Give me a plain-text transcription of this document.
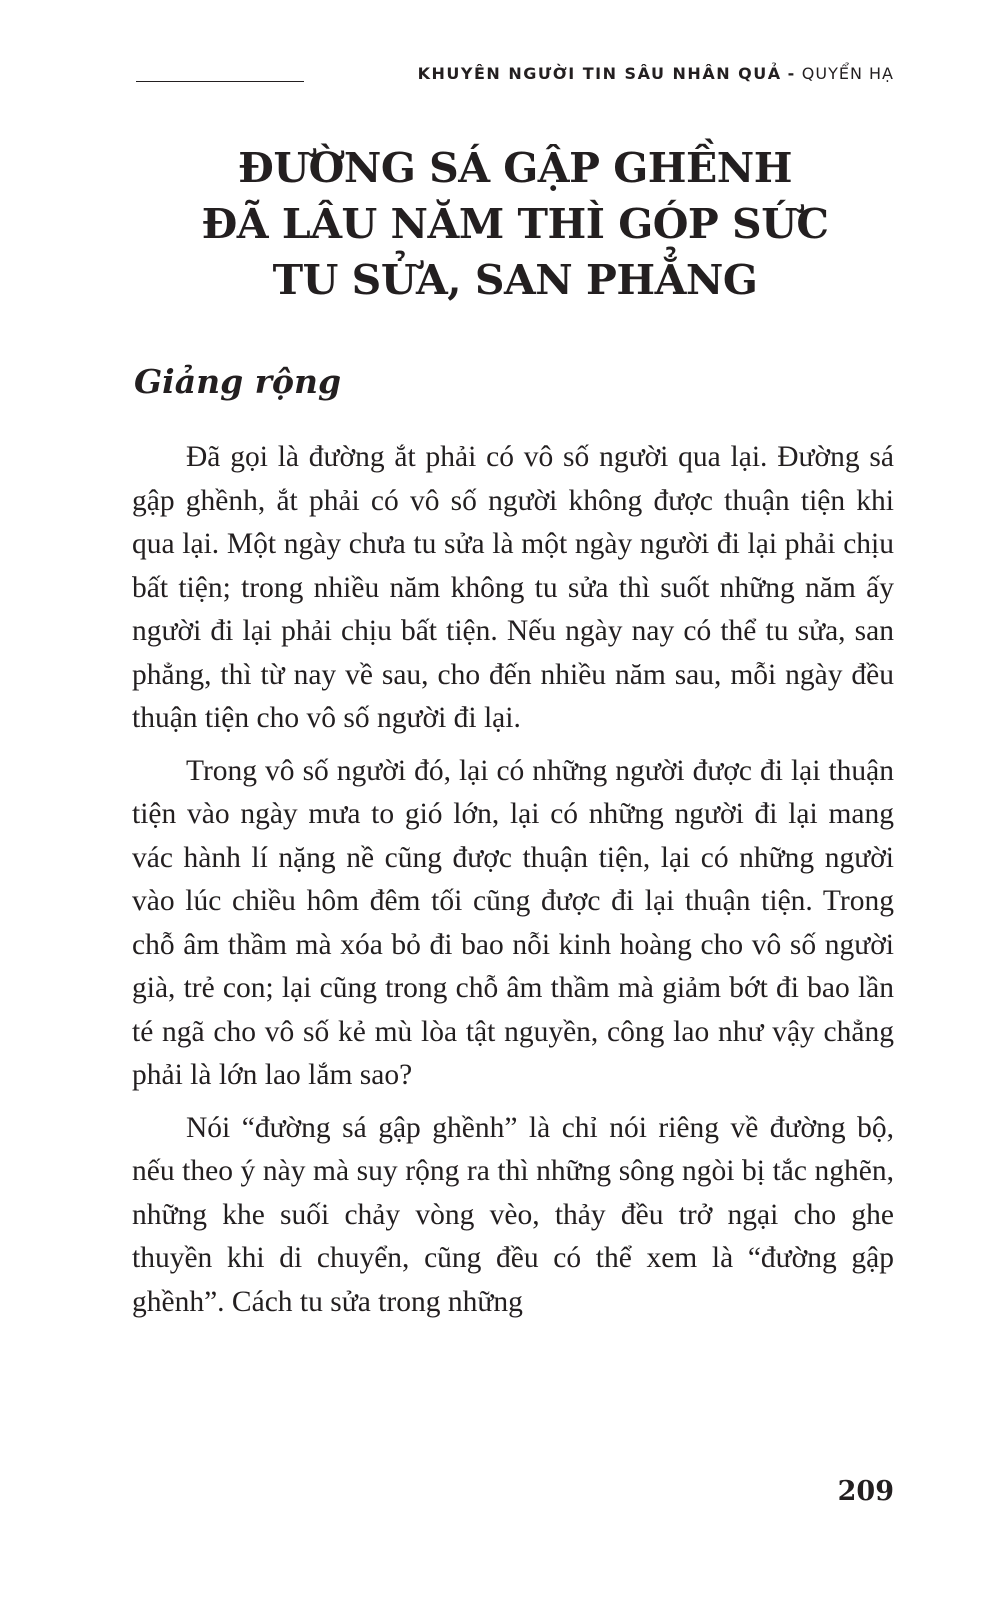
KHUYÊN NGƯỜI TIN SÂU NHÂN QUẢ - QUYỂN HẠ
ĐƯỜNG SÁ GẬP GHỀNH
ĐÃ LÂU NĂM THÌ GÓP SỨC
TU SỬA, SAN PHẲNG
Giảng rộng

Đã gọi là đường ắt phải có vô số người qua lại. Đường sá gập ghềnh, ắt phải có vô số người không được thuận tiện khi qua lại. Một ngày chưa tu sửa là một ngày người đi lại phải chịu bất tiện; trong nhiều năm không tu sửa thì suốt những năm ấy người đi lại phải chịu bất tiện. Nếu ngày nay có thể tu sửa, san phẳng, thì từ nay về sau, cho đến nhiều năm sau, mỗi ngày đều thuận tiện cho vô số người đi lại.

Trong vô số người đó, lại có những người được đi lại thuận tiện vào ngày mưa to gió lớn, lại có những người đi lại mang vác hành lí nặng nề cũng được thuận tiện, lại có những người vào lúc chiều hôm đêm tối cũng được đi lại thuận tiện. Trong chỗ âm thầm mà xóa bỏ đi bao nỗi kinh hoàng cho vô số người già, trẻ con; lại cũng trong chỗ âm thầm mà giảm bớt đi bao lần té ngã cho vô số kẻ mù lòa tật nguyền, công lao như vậy chẳng phải là lớn lao lắm sao?

Nói “đường sá gập ghềnh” là chỉ nói riêng về đường bộ, nếu theo ý này mà suy rộng ra thì những sông ngòi bị tắc nghẽn, những khe suối chảy vòng vèo, thảy đều trở ngại cho ghe thuyền khi di chuyển, cũng đều có thể xem là “đường gập ghềnh”. Cách tu sửa trong những

209
